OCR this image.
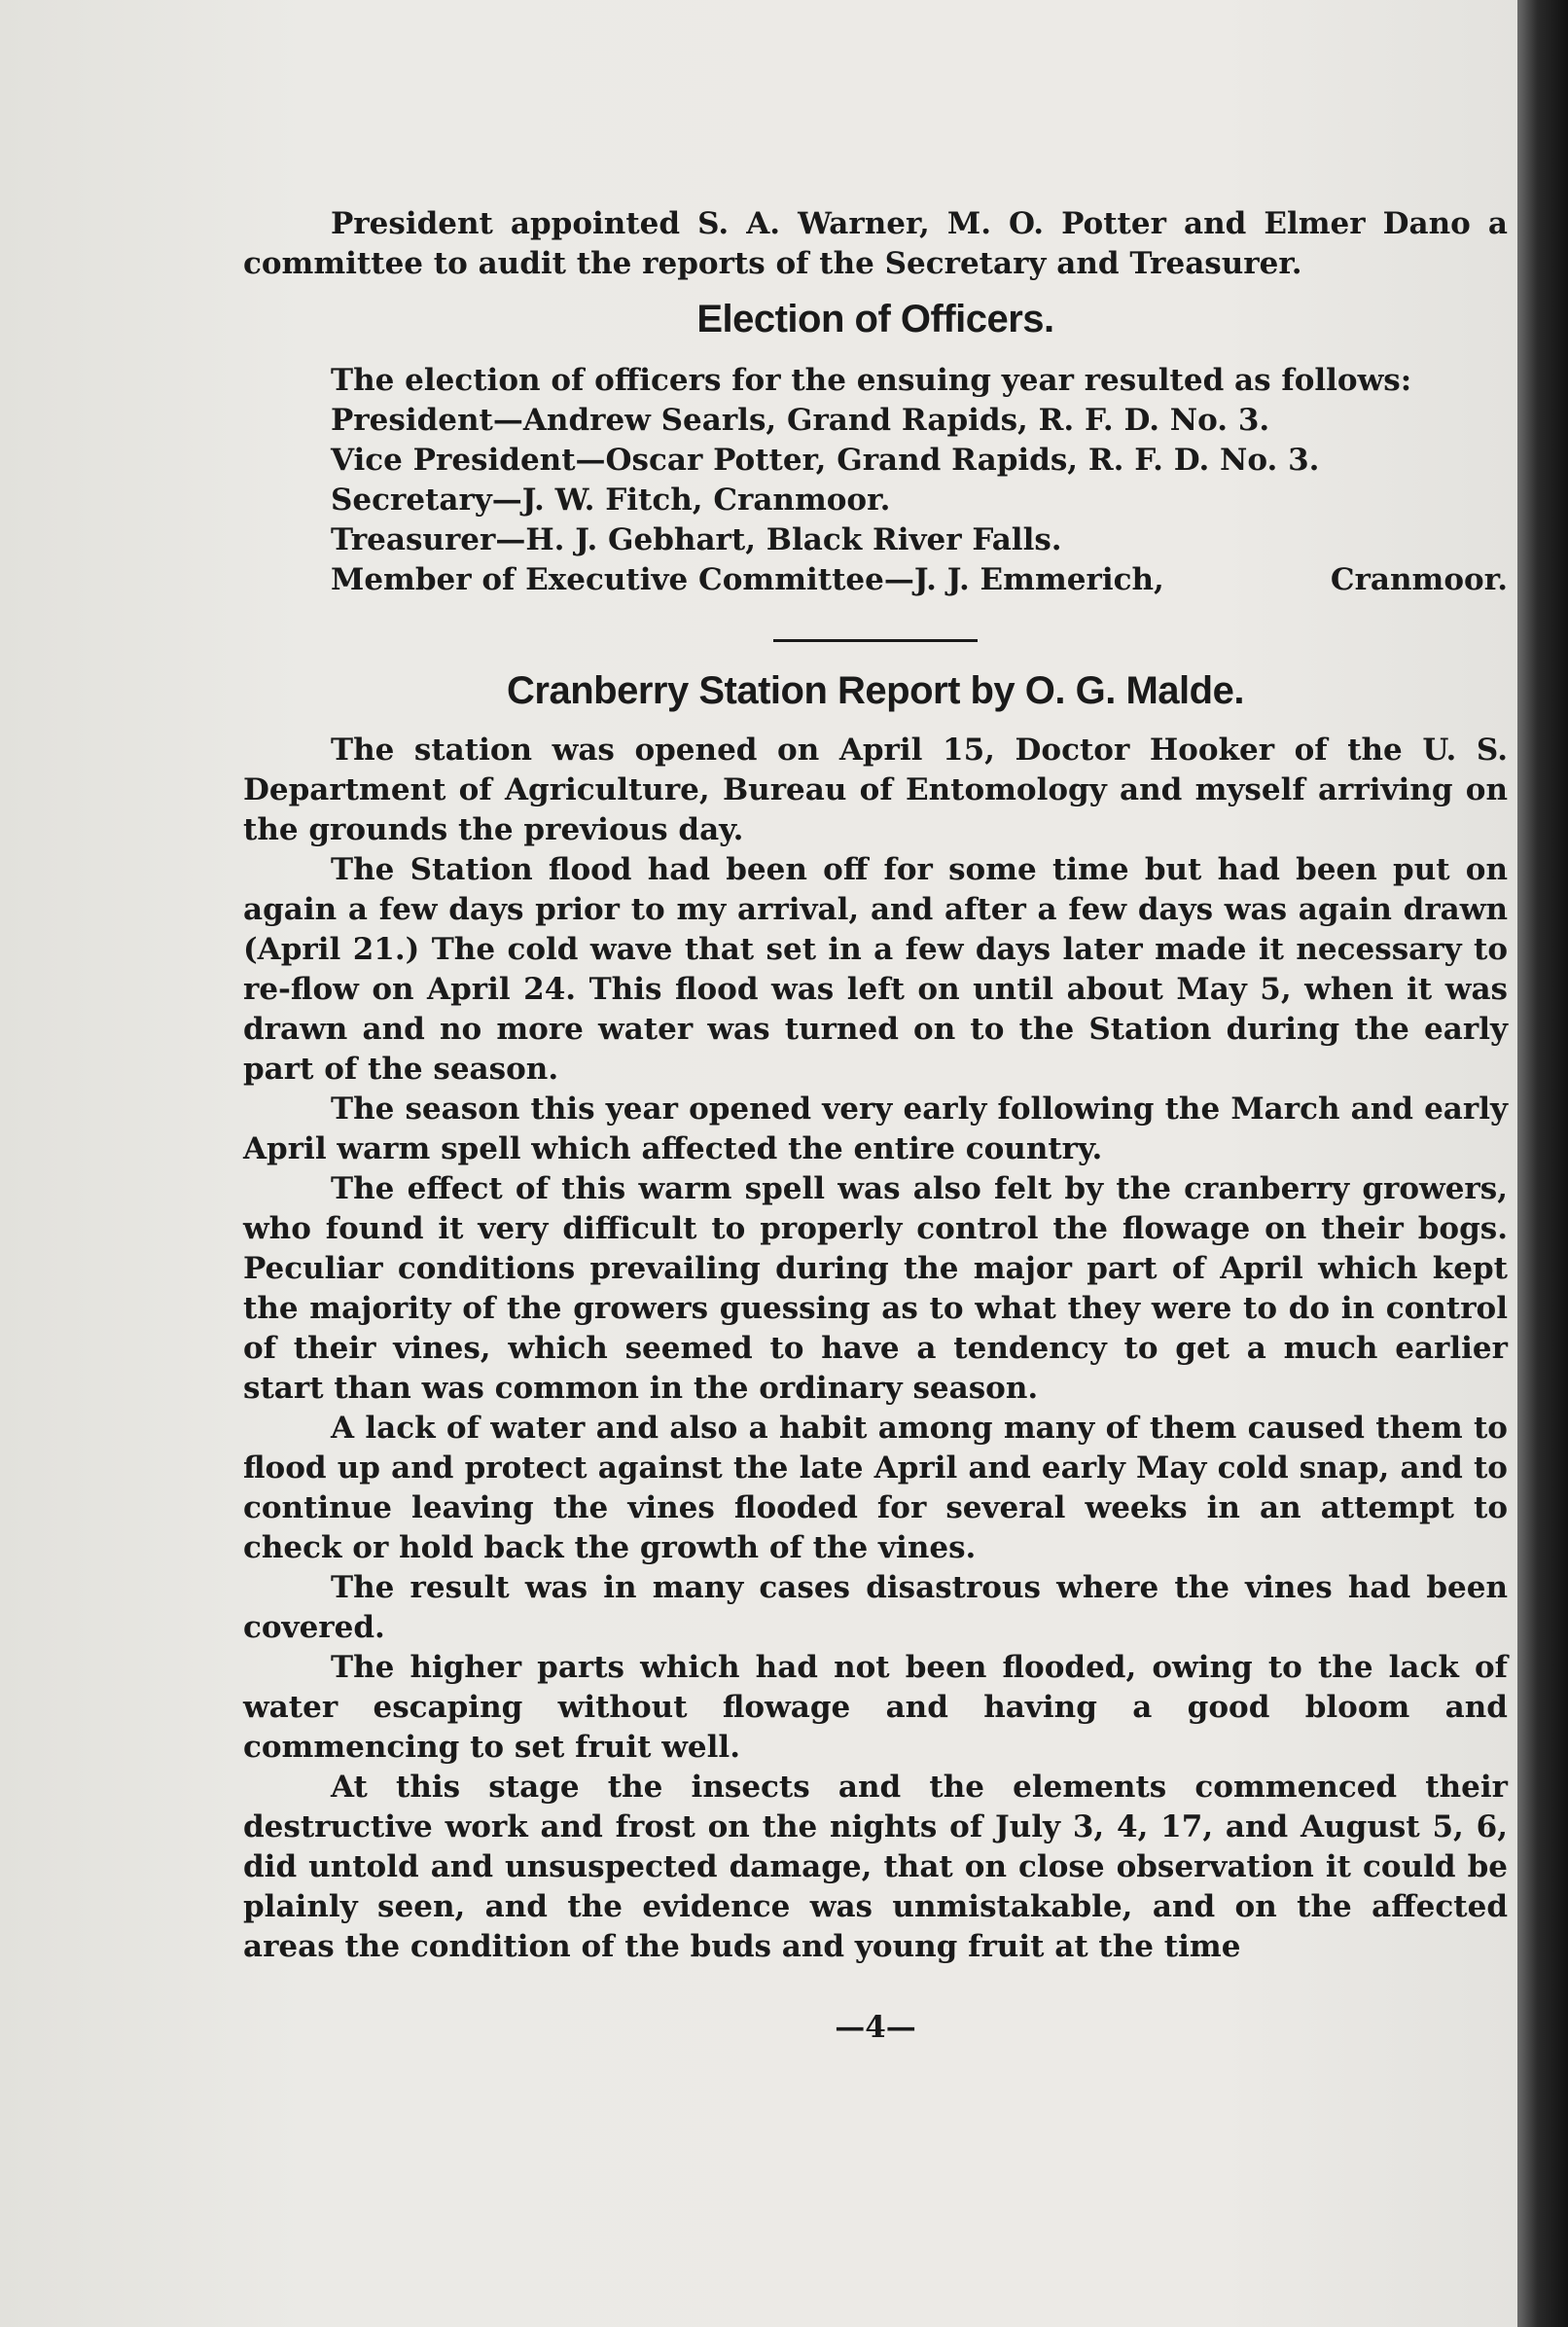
President appointed S. A. Warner, M. O. Potter and Elmer Dano a committee to audit the reports of the Secretary and Treasurer.

Election of Officers.
The election of officers for the ensuing year resulted as follows:
President—Andrew Searls, Grand Rapids, R. F. D. No. 3.
Vice President—Oscar Potter, Grand Rapids, R. F. D. No. 3.
Secretary—J. W. Fitch, Cranmoor.
Treasurer—H. J. Gebhart, Black River Falls.
Member of Executive Committee—J. J. Emmerich,	Cranmoor.
Cranberry Station Report by O. G. Malde.

The station was opened on April 15, Doctor Hooker of the U. S. Department of Agriculture, Bureau of Entomology and myself arriving on the grounds the previous day.

The Station flood had been off for some time but had been put on again a few days prior to my arrival, and after a few days was again drawn (April 21.) The cold wave that set in a few days later made it necessary to re-flow on April 24. This flood was left on until about May 5, when it was drawn and no more water was turned on to the Station during the early part of the season.

The season this year opened very early following the March and early April warm spell which affected the entire country.

The effect of this warm spell was also felt by the cranberry growers, who found it very difficult to properly control the flowage on their bogs. Peculiar conditions prevailing during the major part of April which kept the majority of the growers guessing as to what they were to do in control of their vines, which seemed to have a tendency to get a much earlier start than was common in the ordinary season.

A lack of water and also a habit among many of them caused them to flood up and protect against the late April and early May cold snap, and to continue leaving the vines flooded for several weeks in an attempt to check or hold back the growth of the vines.

The result was in many cases disastrous where the vines had been covered.

The higher parts which had not been flooded, owing to the lack of water escaping without flowage and having a good bloom and commencing to set fruit well.

At this stage the insects and the elements commenced their destructive work and frost on the nights of July 3, 4, 17, and August 5, 6, did untold and unsuspected damage, that on close observation it could be plainly seen, and the evidence was unmistakable, and on the affected areas the condition of the buds and young fruit at the time

—4—
